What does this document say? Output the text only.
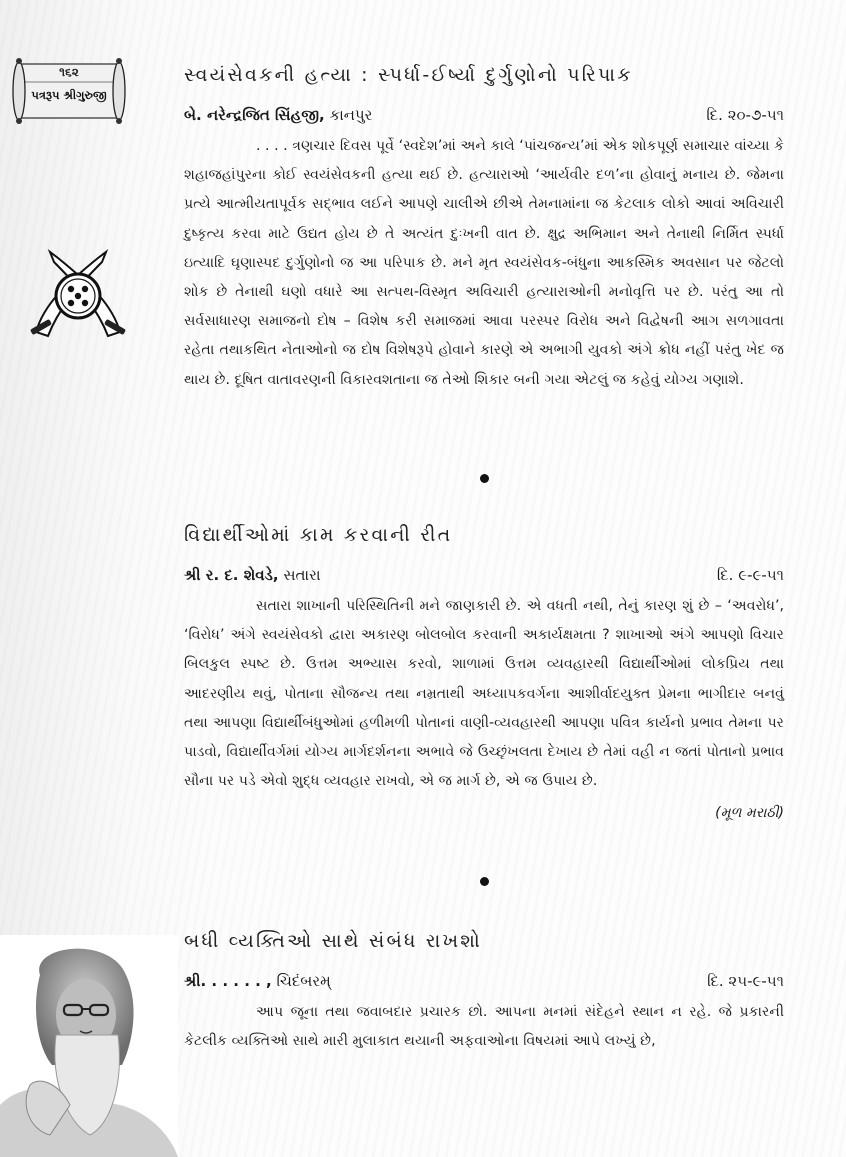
૧૬૨
પત્રરૂપ શ્રીગુરુજી
સ્વયંસેવકની હત્યા : સ્પર્ધા-ઈર્ષ્યા દુર્ગુણોનો પરિપાક
બે. નરેન્દ્રજિત સિંહજી, કાનપુર	દિ. ૨૦-૭-૫૧
. . . . ત્રણચાર દિવસ પૂર્વે ‘સ્વદેશ’માં અને કાલે ‘પાંચજન્ય’માં એક શોકપૂર્ણ સમાચાર વાંચ્યા કે શહાજહાંપુરના કોઈ સ્વયંસેવકની હત્યા થઈ છે. હત્યારાઓ ‘આર્યવીર દળ’ના હોવાનું મનાય છે. જેમના પ્રત્યે આત્મીયતાપૂર્વક સદ્ભાવ લઈને આપણે ચાલીએ છીએ તેમનામાંના જ કેટલાક લોકો આવાં અવિચારી દુષ્કૃત્ય કરવા માટે ઉદ્યત હોય છે તે અત્યંત દુઃખની વાત છે. ક્ષુદ્ર અભિમાન અને તેનાથી નિર્મિત સ્પર્ધા ઇત્યાદિ ઘૃણાસ્પદ દુર્ગુણોનો જ આ પરિપાક છે. મને મૃત સ્વયંસેવક-બંધુના આકસ્મિક અવસાન પર જેટલો શોક છે તેનાથી ઘણો વધારે આ સત્પથ-વિસ્મૃત અવિચારી હત્યારાઓની મનોવૃત્તિ પર છે. પરંતુ આ તો સર્વસાધારણ સમાજનો દોષ – વિશેષ કરી સમાજમાં આવા પરસ્પર વિરોધ અને વિદ્વેષની આગ સળગાવતા રહેતા તથાકથિત નેતાઓનો જ દોષ વિશેષરૂપે હોવાને કારણે એ અભાગી યુવકો અંગે ક્રોધ નહીં પરંતુ ખેદ જ થાય છે. દૂષિત વાતાવરણની વિકારવશતાના જ તેઓ શિકાર બની ગયા એટલું જ કહેવું યોગ્ય ગણાશે.
વિદ્યાર્થીઓમાં કામ કરવાની રીત
શ્રી ર. દ. શેવડે, સતારા	દિ. ૯-૯-૫૧
સતારા શાખાની પરિસ્થિતિની મને જાણકારી છે. એ વધતી નથી, તેનું કારણ શું છે – ‘અવરોધ’, ‘વિરોધ’ અંગે સ્વયંસેવકો દ્વારા અકારણ બોલબોલ કરવાની અકાર્યક્ષમતા ? શાખાઓ અંગે આપણો વિચાર બિલકુલ સ્પષ્ટ છે. ઉત્તમ અભ્યાસ કરવો, શાળામાં ઉત્તમ વ્યવહારથી વિદ્યાર્થીઓમાં લોકપ્રિય તથા આદરણીય થવું, પોતાના સૌજન્ય તથા નમ્રતાથી અધ્યાપકવર્ગના આશીર્વાદયુક્ત પ્રેમના ભાગીદાર બનવું તથા આપણા વિદ્યાર્થીબંધુઓમાં હળીમળી પોતાનાં વાણી-વ્યવહારથી આપણા પવિત્ર કાર્યનો પ્રભાવ તેમના પર પાડવો, વિદ્યાર્થીવર્ગમાં યોગ્ય માર્ગદર્શનના અભાવે જે ઉચ્છૃંખલતા દેખાય છે તેમાં વહી ન જતાં પોતાનો પ્રભાવ સૌના પર પડે એવો શુદ્ધ વ્યવહાર રાખવો, એ જ માર્ગ છે, એ જ ઉપાય છે.
(મૂળ મરાઠી)
બધી વ્યક્તિઓ સાથે સંબંધ રાખશો
શ્રી. . . . . . , ચિદંબરમ્	દિ. ૨૫-૯-૫૧
આપ જૂના તથા જવાબદાર પ્રચારક છો. આપના મનમાં સંદેહને સ્થાન ન રહે. જે પ્રકારની કેટલીક વ્યક્તિઓ સાથે મારી મુલાકાત થયાની અફવાઓના વિષયમાં આપે લખ્યું છે,
